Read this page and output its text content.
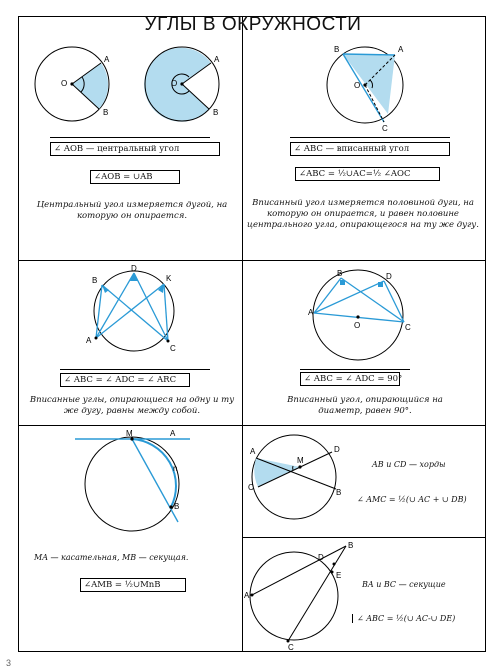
УГЛЫ В ОКРУЖНОСТИ
O
A
B
O
A
B
∠ AOB — центральный угол
∠AOB = ∪AB
Центральный угол измеряется дугой, на которую он опирается.
B	A
C
O
∠ ABC — вписанный угол
∠ABC = ½∪AC=½ ∠AOC
Вписанный угол измеряется половиной дуги, на которую он опирается, и равен половине центрального угла, опирающегося на ту же дугу.
B
D
K
A
C
∠ ABC = ∠ ADC = ∠ ARC
Вписанные углы, опирающиеся на одну и ту же дугу, равны между собой.
B	D
A
O	C
∠ ABC = ∠ ADC = 90°
Вписанный угол, опирающийся на диаметр, равен 90°.
M	A
B
n
MA — касательная, MB — секущая.
∠AMB = ½∪MnB
A
C
M
D
B
AB и CD — хорды
∠ AMC = ½(∪ AC + ∪ DB)
B
D
E
A
C
BA и BC — секущие
∠ ABC = ½(∪ AC-∪ DE)
3
